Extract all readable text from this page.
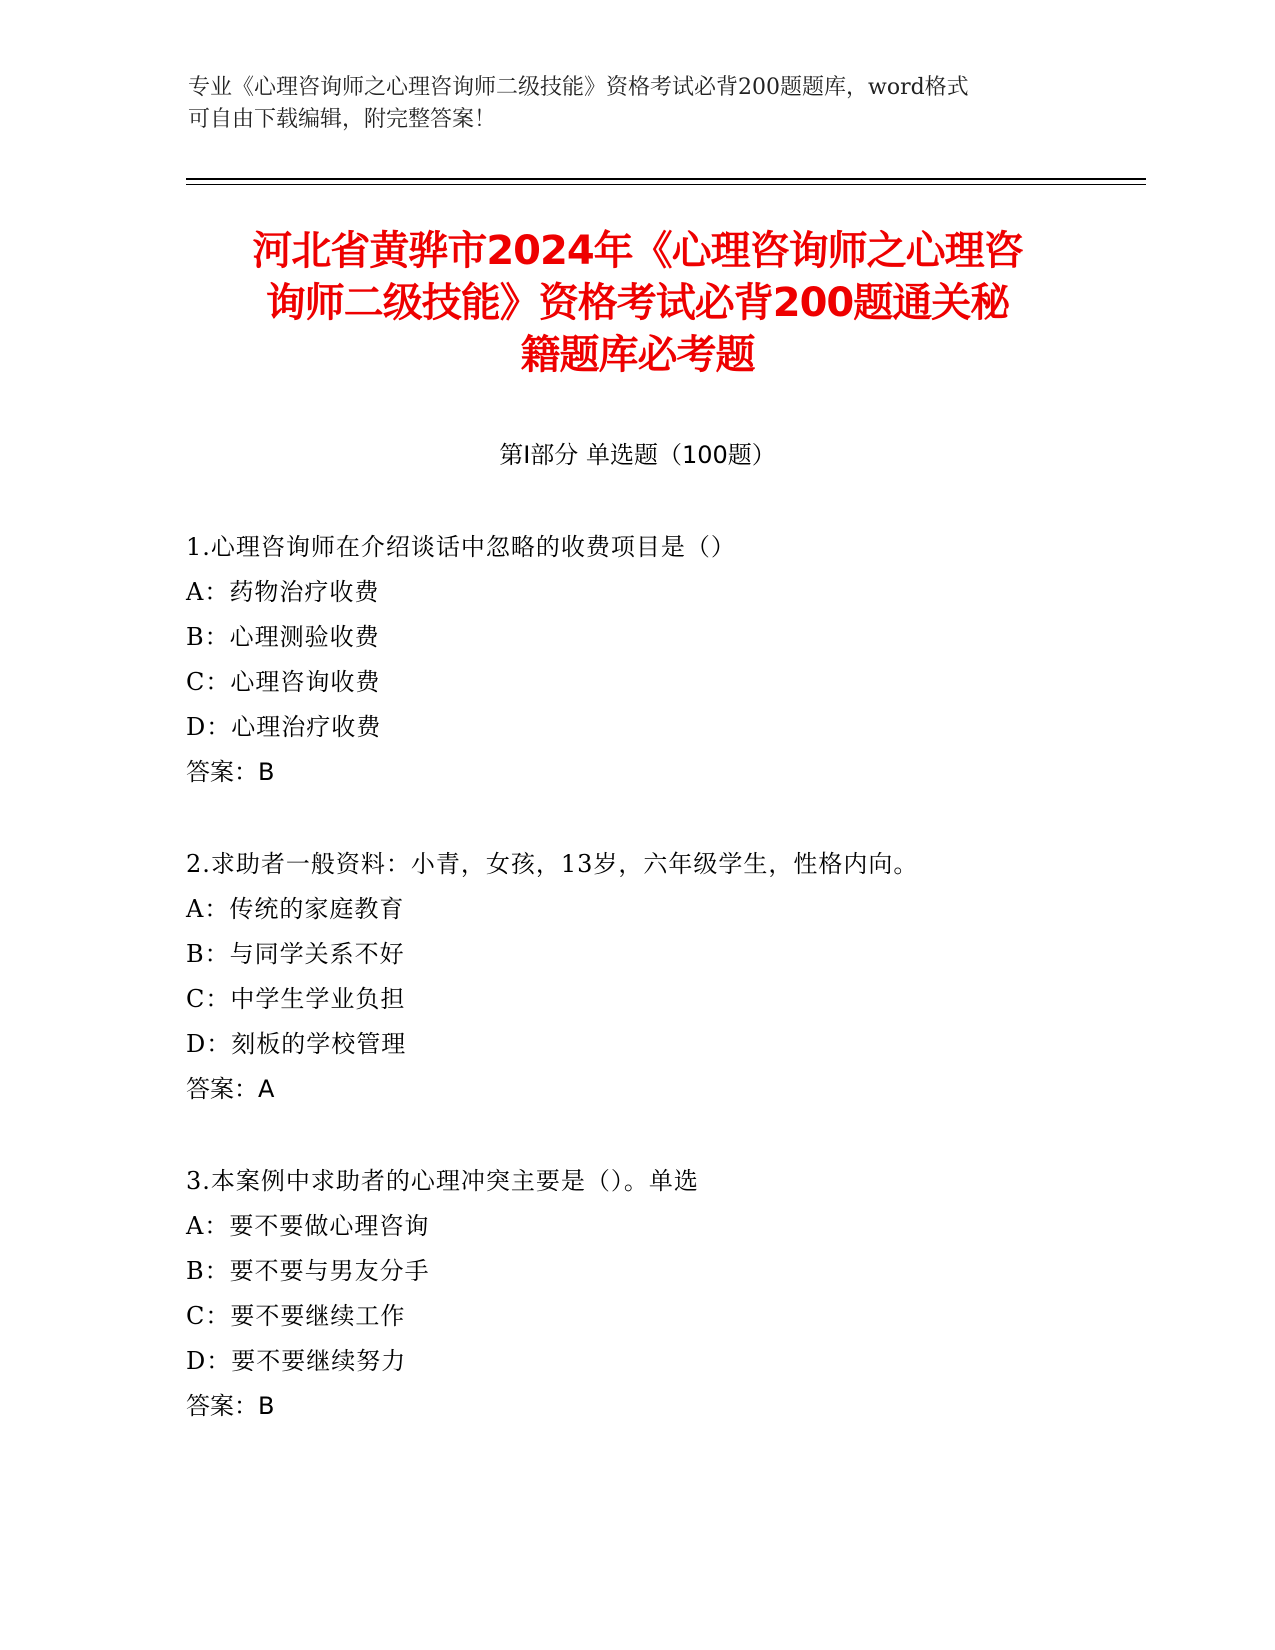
专业《心理咨询师之心理咨询师二级技能》资格考试必背200题题库，word格式
可自由下载编辑，附完整答案！
河北省黄骅市2024年《心理咨询师之心理咨
询师二级技能》资格考试必背200题通关秘
籍题库必考题
第Ⅰ部分 单选题（100题）
1.心理咨询师在介绍谈话中忽略的收费项目是（）
A：药物治疗收费
B：心理测验收费
C：心理咨询收费
D：心理治疗收费
答案：B
2.求助者一般资料：小青，女孩，13岁，六年级学生，性格内向。
A：传统的家庭教育
B：与同学关系不好
C：中学生学业负担
D：刻板的学校管理
答案：A
3.本案例中求助者的心理冲突主要是（）。单选
A：要不要做心理咨询
B：要不要与男友分手
C：要不要继续工作
D：要不要继续努力
答案：B
